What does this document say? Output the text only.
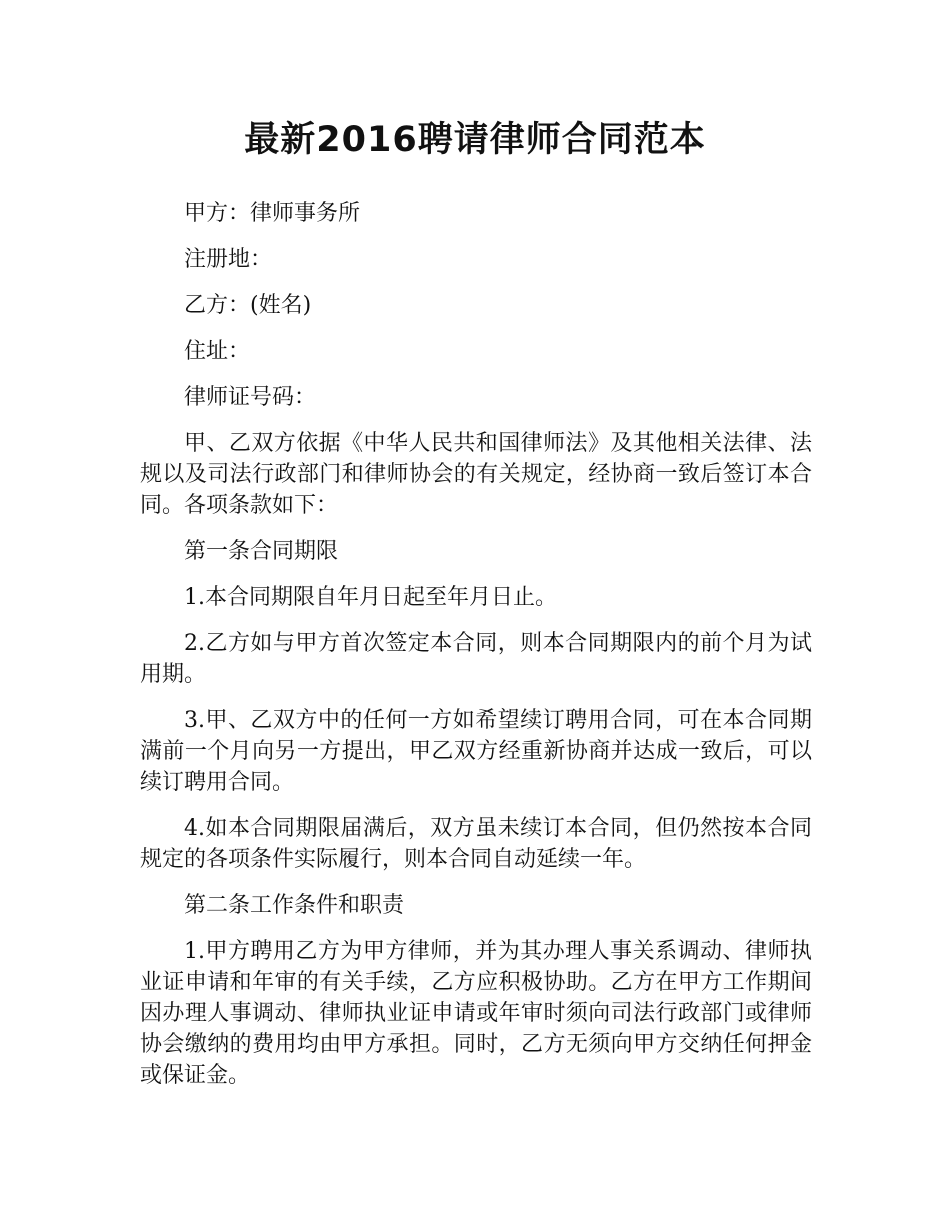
最新2016聘请律师合同范本

甲方：律师事务所

注册地：

乙方：(姓名)

住址：

律师证号码：

甲、乙双方依据《中华人民共和国律师法》及其他相关法律、法规以及司法行政部门和律师协会的有关规定，经协商一致后签订本合同。各项条款如下：

第一条合同期限

1.本合同期限自年月日起至年月日止。

2.乙方如与甲方首次签定本合同，则本合同期限内的前个月为试用期。

3.甲、乙双方中的任何一方如希望续订聘用合同，可在本合同期满前一个月向另一方提出，甲乙双方经重新协商并达成一致后，可以续订聘用合同。

4.如本合同期限届满后，双方虽未续订本合同，但仍然按本合同规定的各项条件实际履行，则本合同自动延续一年。

第二条工作条件和职责

1.甲方聘用乙方为甲方律师，并为其办理人事关系调动、律师执业证申请和年审的有关手续，乙方应积极协助。乙方在甲方工作期间因办理人事调动、律师执业证申请或年审时须向司法行政部门或律师协会缴纳的费用均由甲方承担。同时，乙方无须向甲方交纳任何押金或保证金。
